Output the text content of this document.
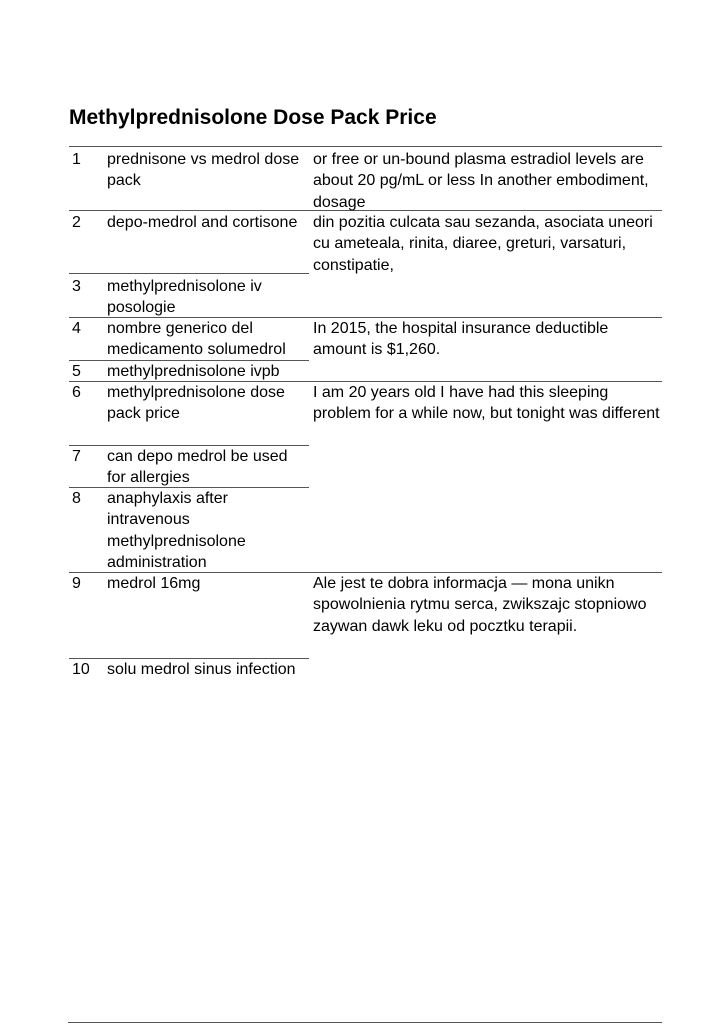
Methylprednisolone Dose Pack Price
1 prednisone vs medrol dose pack
or free or un-bound plasma estradiol levels are about 20 pg/mL or less In another embodiment, dosage
2 depo-medrol and cortisone din pozitia culcata sau sezanda, asociata uneori cu ameteala, rinita, diaree, greturi, varsaturi, constipatie,
3 methylprednisolone iv posologie
4 nombre generico del medicamento solumedrol
In 2015, the hospital insurance deductible amount is $1,260.
5 methylprednisolone ivpb
6 methylprednisolone dose pack price
I am 20 years old I have had this sleeping problem for a while now, but tonight was different
7 can depo medrol be used for allergies
8 anaphylaxis after intravenous methylprednisolone administration
9 medrol 16mg	Ale jest te dobra informacja — mona unikn spowolnienia rytmu serca, zwikszajc stopniowo zaywan dawk leku od pocztku terapii.
10 solu medrol sinus infection
